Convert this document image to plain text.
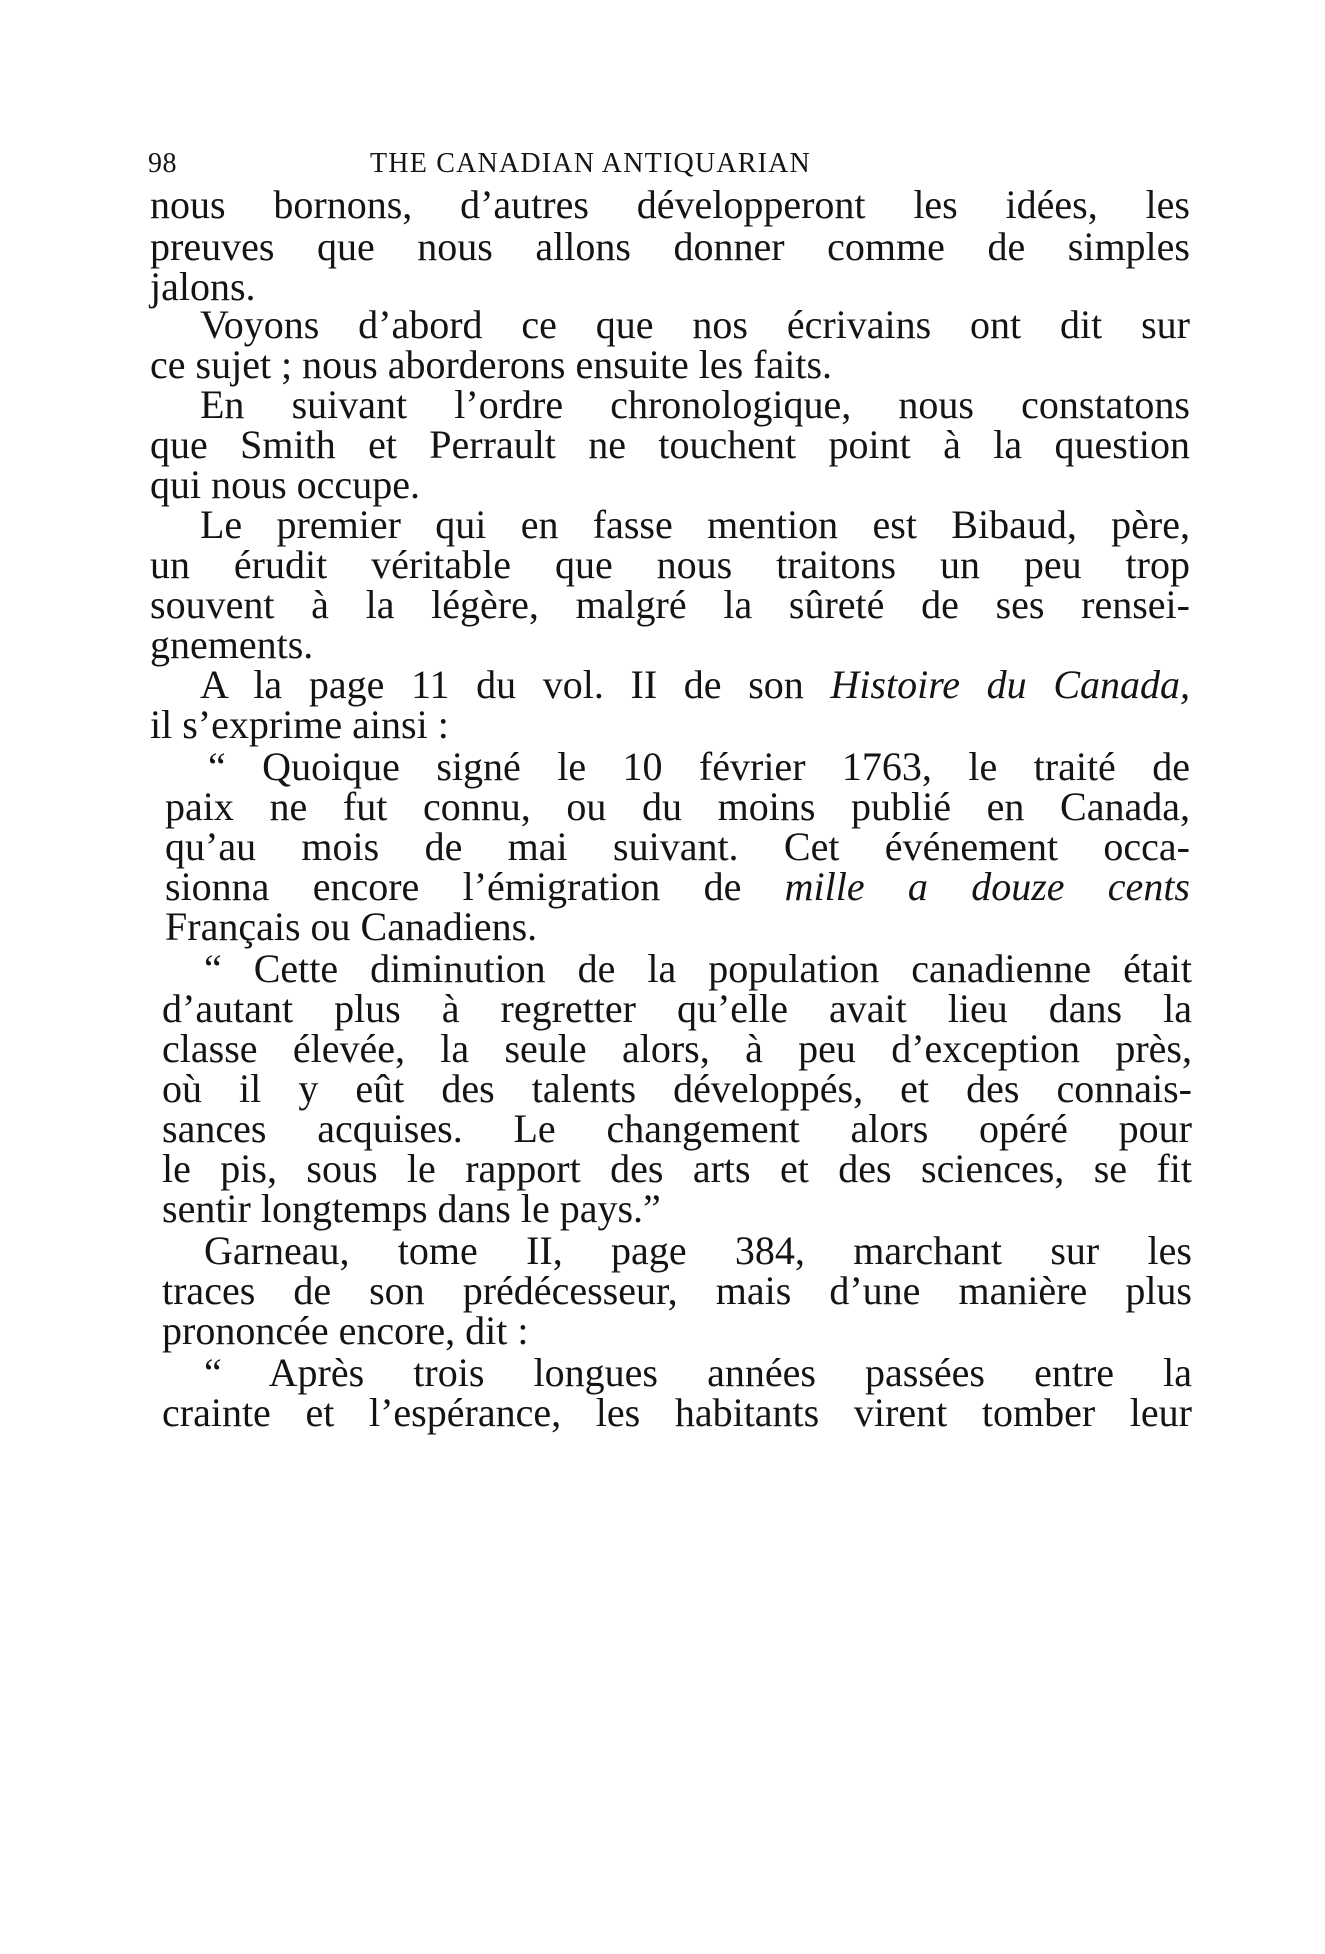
98	THE CANADIAN ANTIQUARIAN
nous bornons, d’autres développeront les idées, les
preuves que nous allons donner comme de simples
jalons.
Voyons d’abord ce que nos écrivains ont dit sur
ce sujet ; nous aborderons ensuite les faits.
En suivant l’ordre chronologique, nous constatons
que Smith et Perrault ne touchent point à la question
qui nous occupe.
Le premier qui en fasse mention est Bibaud, père,
un érudit véritable que nous traitons un peu trop
souvent à la légère, malgré la sûreté de ses rensei-
gnements.
A la page 11 du vol. II de son Histoire du Canada,
il s’exprime ainsi :
“ Quoique signé le 10 février 1763, le traité de
paix ne fut connu, ou du moins publié en Canada,
qu’au mois de mai suivant. Cet événement occa-
sionna encore l’émigration de mille a douze cents
Français ou Canadiens.
“ Cette diminution de la population canadienne était
d’autant plus à regretter qu’elle avait lieu dans la
classe élevée, la seule alors, à peu d’exception près,
où il y eût des talents développés, et des connais-
sances acquises. Le changement alors opéré pour
le pis, sous le rapport des arts et des sciences, se fit
sentir longtemps dans le pays.”
Garneau, tome II, page 384, marchant sur les
traces de son prédécesseur, mais d’une manière plus
prononcée encore, dit :
“ Après trois longues années passées entre la
crainte et l’espérance, les habitants virent tomber leur
